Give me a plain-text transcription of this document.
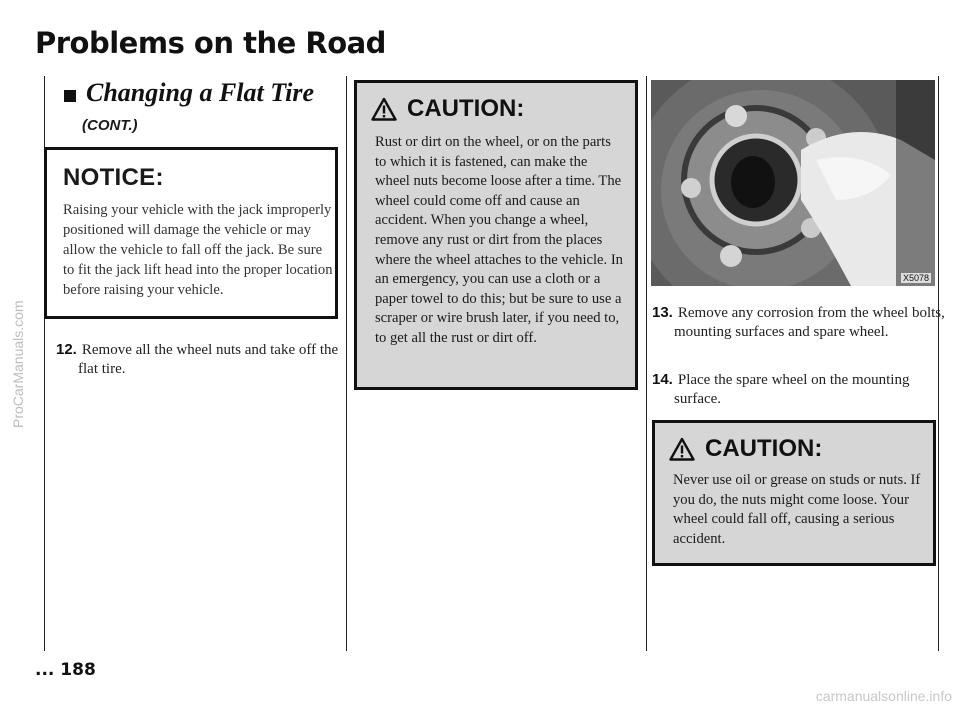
Problems on the Road
ProCarManuals.com
Changing a Flat Tire
(CONT.)
NOTICE:
Raising your vehicle with the jack improperly positioned will damage the vehicle or may allow the vehicle to fall off the jack. Be sure to fit the jack lift head into the proper location before raising your vehicle.
12. Remove all the wheel nuts and take off the flat tire.
CAUTION:
Rust or dirt on the wheel, or on the parts to which it is fastened, can make the wheel nuts become loose after a time. The wheel could come off and cause an accident. When you change a wheel, remove any rust or dirt from the places where the wheel attaches to the vehicle. In an emergency, you can use a cloth or a paper towel to do this; but be sure to use a scraper or wire brush later, if you need to, to get all the rust or dirt off.
X5078
13. Remove any corrosion from the wheel bolts, mounting surfaces and spare wheel.
14. Place the spare wheel on the mounting surface.
CAUTION:
Never use oil or grease on studs or nuts. If you do, the nuts might come loose. Your wheel could fall off, causing a serious accident.
... 188
carmanualsonline.info
